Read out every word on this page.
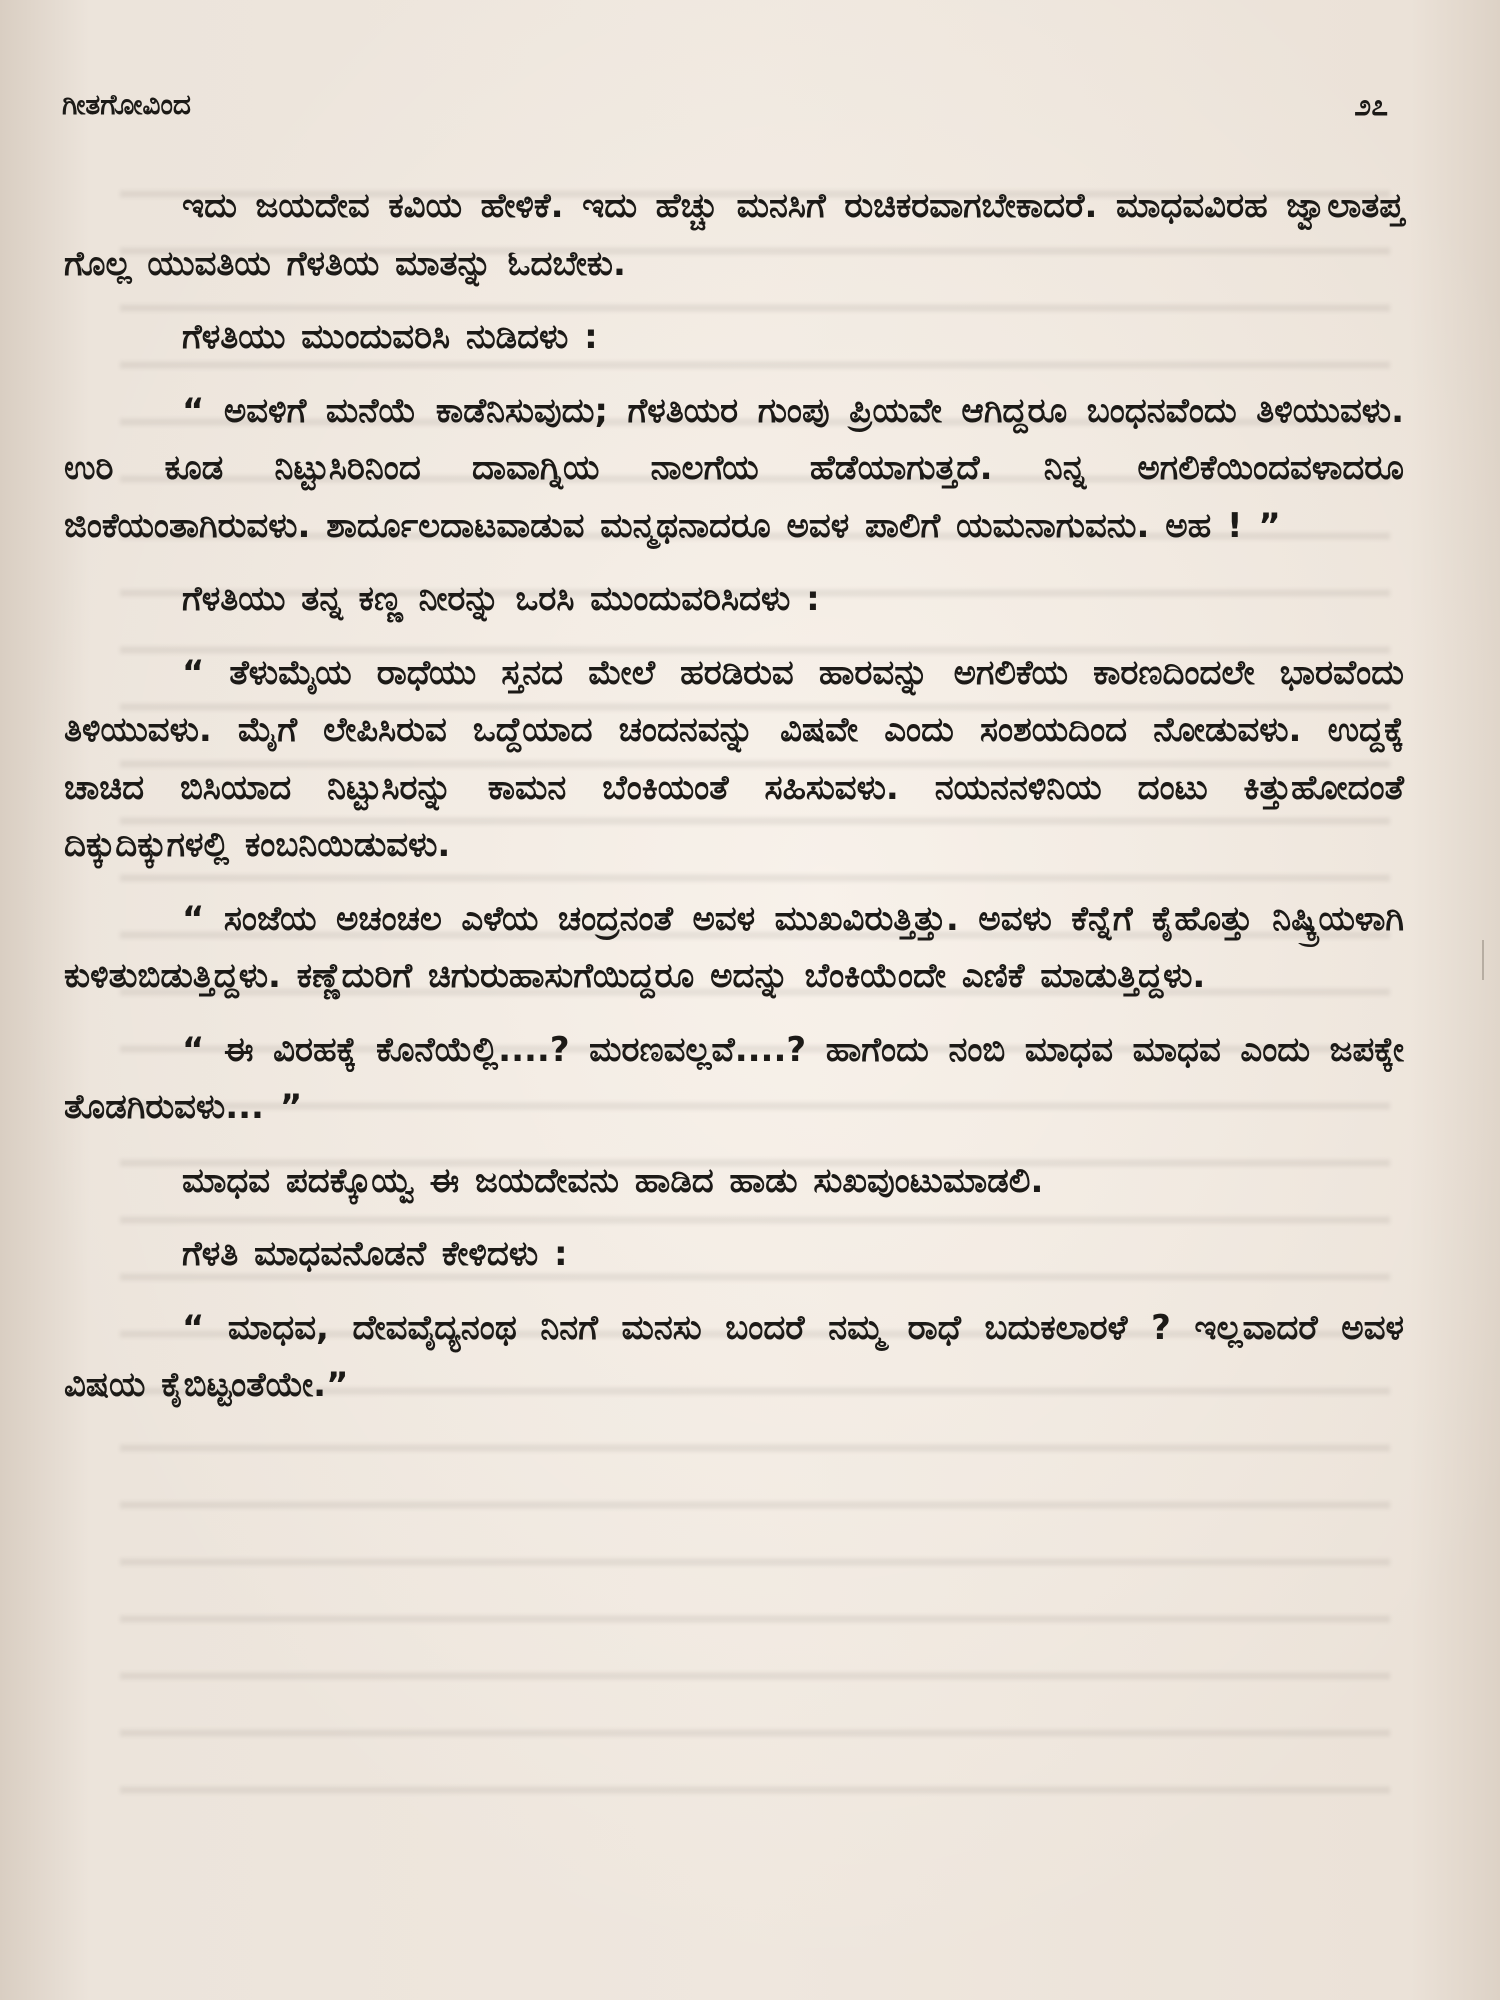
ಗೀತಗೋವಿಂದ	೨೭

ಇದು ಜಯದೇವ ಕವಿಯ ಹೇಳಿಕೆ. ಇದು ಹೆಚ್ಚು ಮನಸಿಗೆ ರುಚಿಕರವಾಗಬೇಕಾದರೆ. ಮಾಧವವಿರಹ ಜ್ವಾಲಾತಪ್ತ ಗೊಲ್ಲ ಯುವತಿಯ ಗೆಳತಿಯ ಮಾತನ್ನು ಓದಬೇಕು.

ಗೆಳತಿಯು ಮುಂದುವರಿಸಿ ನುಡಿದಳು :

“ ಅವಳಿಗೆ ಮನೆಯೆ ಕಾಡೆನಿಸುವುದು; ಗೆಳತಿಯರ ಗುಂಪು ಪ್ರಿಯವೇ ಆಗಿದ್ದರೂ ಬಂಧನವೆಂದು ತಿಳಿಯುವಳು. ಉರಿ ಕೂಡ ನಿಟ್ಟುಸಿರಿನಿಂದ ದಾವಾಗ್ನಿಯ ನಾಲಗೆಯ ಹೆಡೆಯಾಗುತ್ತದೆ. ನಿನ್ನ ಅಗಲಿಕೆಯಿಂದವಳಾದರೂ ಜಿಂಕೆಯಂತಾಗಿರುವಳು. ಶಾರ್ದೂಲದಾಟವಾಡುವ ಮನ್ಮಥನಾದರೂ ಅವಳ ಪಾಲಿಗೆ ಯಮನಾಗುವನು. ಅಹ ! ”

ಗೆಳತಿಯು ತನ್ನ ಕಣ್ಣ ನೀರನ್ನು ಒರಸಿ ಮುಂದುವರಿಸಿದಳು :

“ ತೆಳುಮೈಯ ರಾಧೆಯು ಸ್ತನದ ಮೇಲೆ ಹರಡಿರುವ ಹಾರವನ್ನು ಅಗಲಿಕೆಯ ಕಾರಣದಿಂದಲೇ ಭಾರವೆಂದು ತಿಳಿಯುವಳು. ಮೈಗೆ ಲೇಪಿಸಿರುವ ಒದ್ದೆಯಾದ ಚಂದನವನ್ನು ವಿಷವೇ ಎಂದು ಸಂಶಯದಿಂದ ನೋಡುವಳು. ಉದ್ದಕ್ಕೆ ಚಾಚಿದ ಬಿಸಿಯಾದ ನಿಟ್ಟುಸಿರನ್ನು ಕಾಮನ ಬೆಂಕಿಯಂತೆ ಸಹಿಸುವಳು. ನಯನನಳಿನಿಯ ದಂಟು ಕಿತ್ತುಹೋದಂತೆ ದಿಕ್ಕುದಿಕ್ಕುಗಳಲ್ಲಿ ಕಂಬನಿಯಿಡುವಳು.

“ ಸಂಜೆಯ ಅಚಂಚಲ ಎಳೆಯ ಚಂದ್ರನಂತೆ ಅವಳ ಮುಖವಿರುತ್ತಿತ್ತು. ಅವಳು ಕೆನ್ನೆಗೆ ಕೈಹೊತ್ತು ನಿಷ್ಕ್ರಿಯಳಾಗಿ ಕುಳಿತುಬಿಡುತ್ತಿದ್ದಳು. ಕಣ್ಣೆದುರಿಗೆ ಚಿಗುರುಹಾಸುಗೆಯಿದ್ದರೂ ಅದನ್ನು ಬೆಂಕಿಯೆಂದೇ ಎಣಿಕೆ ಮಾಡುತ್ತಿದ್ದಳು.

“ ಈ ವಿರಹಕ್ಕೆ ಕೊನೆಯೆಲ್ಲಿ....? ಮರಣವಲ್ಲವೆ....? ಹಾಗೆಂದು ನಂಬಿ ಮಾಧವ ಮಾಧವ ಎಂದು ಜಪಕ್ಕೇ ತೊಡಗಿರುವಳು... ”

ಮಾಧವ ಪದಕ್ಕೊಯ್ವ ಈ ಜಯದೇವನು ಹಾಡಿದ ಹಾಡು ಸುಖವುಂಟುಮಾಡಲಿ.

ಗೆಳತಿ ಮಾಧವನೊಡನೆ ಕೇಳಿದಳು :

“ ಮಾಧವ, ದೇವವೈದ್ಯನಂಥ ನಿನಗೆ ಮನಸು ಬಂದರೆ ನಮ್ಮ ರಾಧೆ ಬದುಕಲಾರಳೆ ? ಇಲ್ಲವಾದರೆ ಅವಳ ವಿಷಯ ಕೈಬಿಟ್ಟಂತೆಯೇ.”
